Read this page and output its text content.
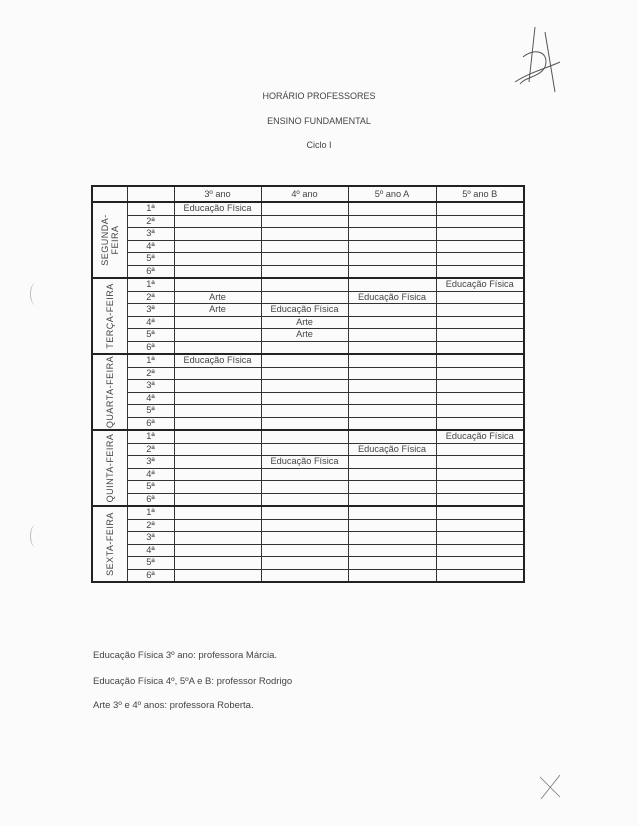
HORÁRIO PROFESSORES
ENSINO FUNDAMENTAL
Ciclo I
		3º ano	4º ano	5º ano A	5º ano B

SEGUNDA-
FEIRA	1ª	Educação Física			
	2ª				
	3ª				
	4ª				
	5ª				
	6ª				

TERÇA-FEIRA	1ª				Educação Física
	2ª	Arte		Educação Física	
	3ª	Arte	Educação Física		
	4ª		Arte		
	5ª		Arte		
	6ª				

QUARTA-FEIRA	1ª	Educação Física			
	2ª				
	3ª				
	4ª				
	5ª				
	6ª				

QUINTA-FEIRA	1ª				Educação Física
	2ª			Educação Física	
	3ª		Educação Física		
	4ª				
	5ª				
	6ª				

SEXTA-FEIRA	1ª				
	2ª				
	3ª				
	4ª				
	5ª				
	6ª				
Educação Física 3º ano: professora Márcia.
Educação Física 4º, 5ºA e B: professor Rodrigo
Arte 3º e 4º anos: professora Roberta.
